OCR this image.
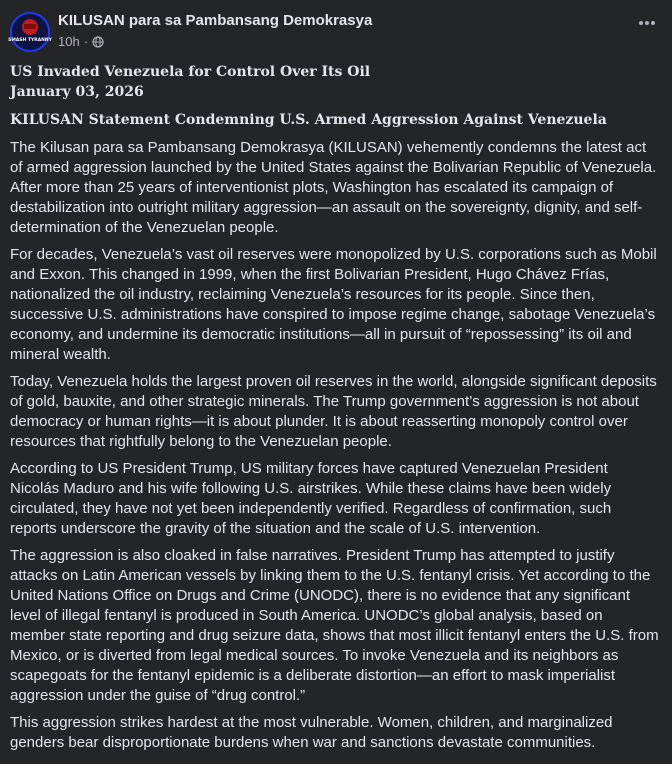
SMASH TYRANNY
KILUSAN para sa Pambansang Demokrasya
10h ·

US Invaded Venezuela for Control Over Its Oil

January 03, 2026

KILUSAN Statement Condemning U.S. Armed Aggression Against Venezuela

The Kilusan para sa Pambansang Demokrasya (KILUSAN) vehemently condemns the latest act of armed aggression launched by the United States against the Bolivarian Republic of Venezuela. After more than 25 years of interventionist plots, Washington has escalated its campaign of destabilization into outright military aggression—an assault on the sovereignty, dignity, and self-determination of the Venezuelan people.

For decades, Venezuela’s vast oil reserves were monopolized by U.S. corporations such as Mobil and Exxon. This changed in 1999, when the first Bolivarian President, Hugo Chávez Frías, nationalized the oil industry, reclaiming Venezuela’s resources for its people. Since then, successive U.S. administrations have conspired to impose regime change, sabotage Venezuela’s economy, and undermine its democratic institutions—all in pursuit of “repossessing” its oil and mineral wealth.

Today, Venezuela holds the largest proven oil reserves in the world, alongside significant deposits of gold, bauxite, and other strategic minerals. The Trump government’s aggression is not about democracy or human rights—it is about plunder. It is about reasserting monopoly control over resources that rightfully belong to the Venezuelan people.

According to US President Trump, US military forces have captured Venezuelan President Nicolás Maduro and his wife following U.S. airstrikes. While these claims have been widely circulated, they have not yet been independently verified. Regardless of confirmation, such reports underscore the gravity of the situation and the scale of U.S. intervention.

The aggression is also cloaked in false narratives. President Trump has attempted to justify attacks on Latin American vessels by linking them to the U.S. fentanyl crisis. Yet according to the United Nations Office on Drugs and Crime (UNODC), there is no evidence that any significant level of illegal fentanyl is produced in South America. UNODC’s global analysis, based on member state reporting and drug seizure data, shows that most illicit fentanyl enters the U.S. from Mexico, or is diverted from legal medical sources. To invoke Venezuela and its neighbors as scapegoats for the fentanyl epidemic is a deliberate distortion—an effort to mask imperialist aggression under the guise of “drug control.”

This aggression strikes hardest at the most vulnerable. Women, children, and marginalized genders bear disproportionate burdens when war and sanctions devastate communities.
